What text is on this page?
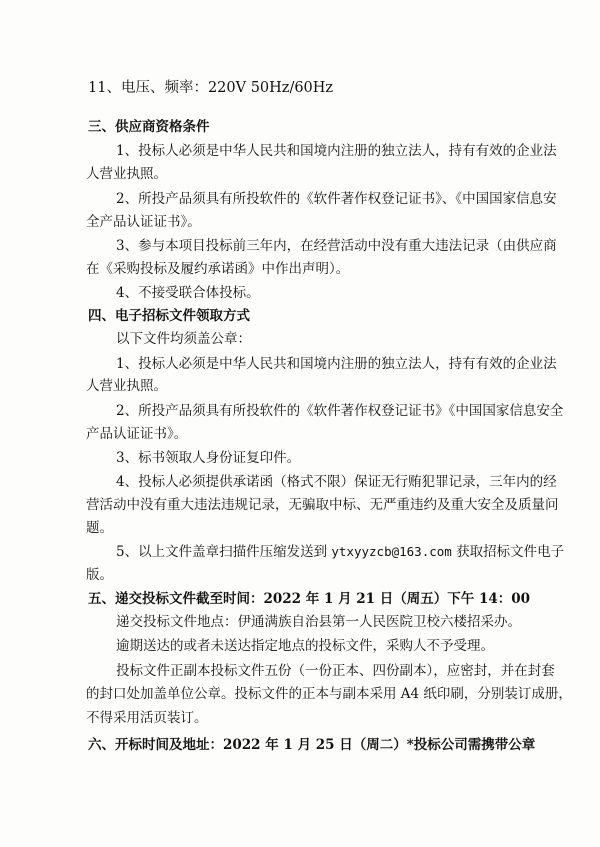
11、电压、频率：220V 50Hz/60Hz
三、供应商资格条件
1、投标人必须是中华人民共和国境内注册的独立法人，持有有效的企业法
人营业执照。
2、所投产品须具有所投软件的《软件著作权登记证书》、《中国国家信息安
全产品认证证书》。
3、参与本项目投标前三年内，在经营活动中没有重大违法记录（由供应商
在《采购投标及履约承诺函》中作出声明）。
4、不接受联合体投标。
四、电子招标文件领取方式
以下文件均须盖公章：
1、投标人必须是中华人民共和国境内注册的独立法人，持有有效的企业法
人营业执照。
2、所投产品须具有所投软件的《软件著作权登记证书》《中国国家信息安全
产品认证证书》。
3、标书领取人身份证复印件。
4、投标人必须提供承诺函（格式不限）保证无行贿犯罪记录，三年内的经
营活动中没有重大违法违规记录，无骗取中标、无严重违约及重大安全及质量问
题。
5、以上文件盖章扫描件压缩发送到 ytxyyzcb@163.com 获取招标文件电子
版。
五、递交投标文件截至时间：2022 年 1 月 21 日（周五）下午 14：00
递交投标文件地点：伊通满族自治县第一人民医院卫校六楼招采办。
逾期送达的或者未送达指定地点的投标文件，采购人不予受理。
投标文件正副本投标文件五份（一份正本、四份副本），应密封，并在封套
的封口处加盖单位公章。投标文件的正本与副本采用 A4 纸印刷，分别装订成册，
不得采用活页装订。
六、开标时间及地址：2022 年 1 月 25 日（周二）*投标公司需携带公章
